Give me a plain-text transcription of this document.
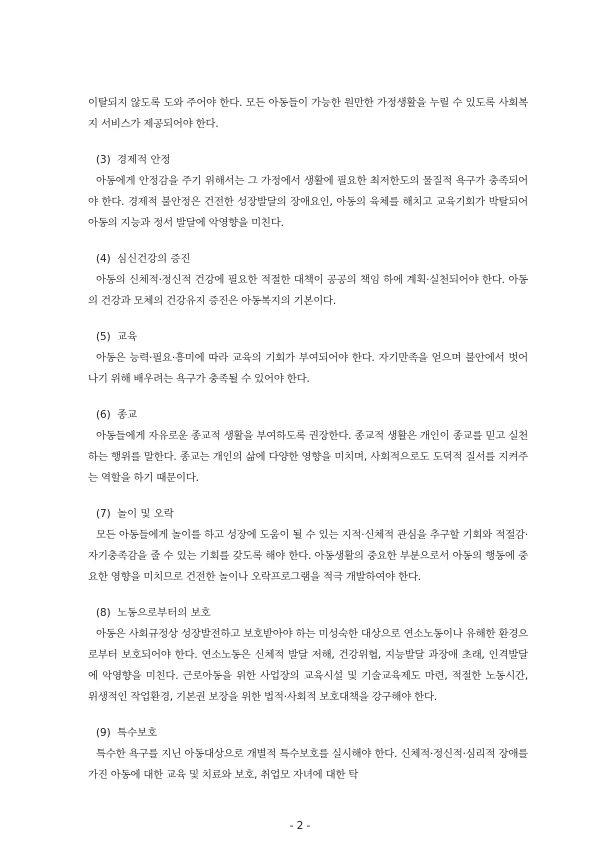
이탈되지 않도록 도와 주어야 한다. 모든 아동들이 가능한 원만한 가정생활을 누릴 수 있도록 사회복지 서비스가 제공되어야 한다.

(3) 경제적 안정

아동에게 안정감을 주기 위해서는 그 가정에서 생활에 필요한 최저한도의 물질적 욕구가 충족되어야 한다. 경제적 불안정은 건전한 성장발달의 장애요인, 아동의 육체를 해치고 교육기회가 박탈되어 아동의 지능과 정서 발달에 악영향을 미친다.

(4) 심신건강의 증진

아동의 신체적·정신적 건강에 필요한 적절한 대책이 공공의 책임 하에 계획·실천되어야 한다. 아동의 건강과 모체의 건강유지 증진은 아동복지의 기본이다.

(5) 교육

아동은 능력·필요·흥미에 따라 교육의 기회가 부여되어야 한다. 자기만족을 얻으며 불안에서 벗어나기 위해 배우려는 욕구가 충족될 수 있어야 한다.

(6) 종교

아동들에게 자유로운 종교적 생활을 부여하도록 권장한다. 종교적 생활은 개인이 종교를 믿고 실천하는 행위를 말한다. 종교는 개인의 삶에 다양한 영향을 미치며, 사회적으로도 도덕적 질서를 지켜주는 역할을 하기 때문이다.

(7) 놀이 및 오락

모든 아동들에게 놀이를 하고 성장에 도움이 될 수 있는 지적·신체적 관심을 추구할 기회와 적절감·자기충족감을 줄 수 있는 기회를 갖도록 해야 한다. 아동생활의 중요한 부분으로서 아동의 행동에 중요한 영향을 미치므로 건전한 놀이나 오락프로그램을 적극 개발하여야 한다.

(8) 노동으로부터의 보호

아동은 사회규정상 성장발전하고 보호받아야 하는 미성숙한 대상으로 연소노동이나 유해한 환경으로부터 보호되어야 한다. 연소노동은 신체적 발달 저해, 건강위협, 지능발달 과장애 초래, 인격발달에 악영향을 미친다. 근로아동을 위한 사업장의 교육시설 및 기술교육제도 마련, 적절한 노동시간, 위생적인 작업환경, 기본권 보장을 위한 법적·사회적 보호대책을 강구해야 한다.

(9) 특수보호

특수한 욕구를 지닌 아동대상으로 개별적 특수보호를 실시해야 한다. 신체적·정신적·심리적 장애를 가진 아동에 대한 교육 및 치료와 보호, 취업모 자녀에 대한 탁

- 2 -
